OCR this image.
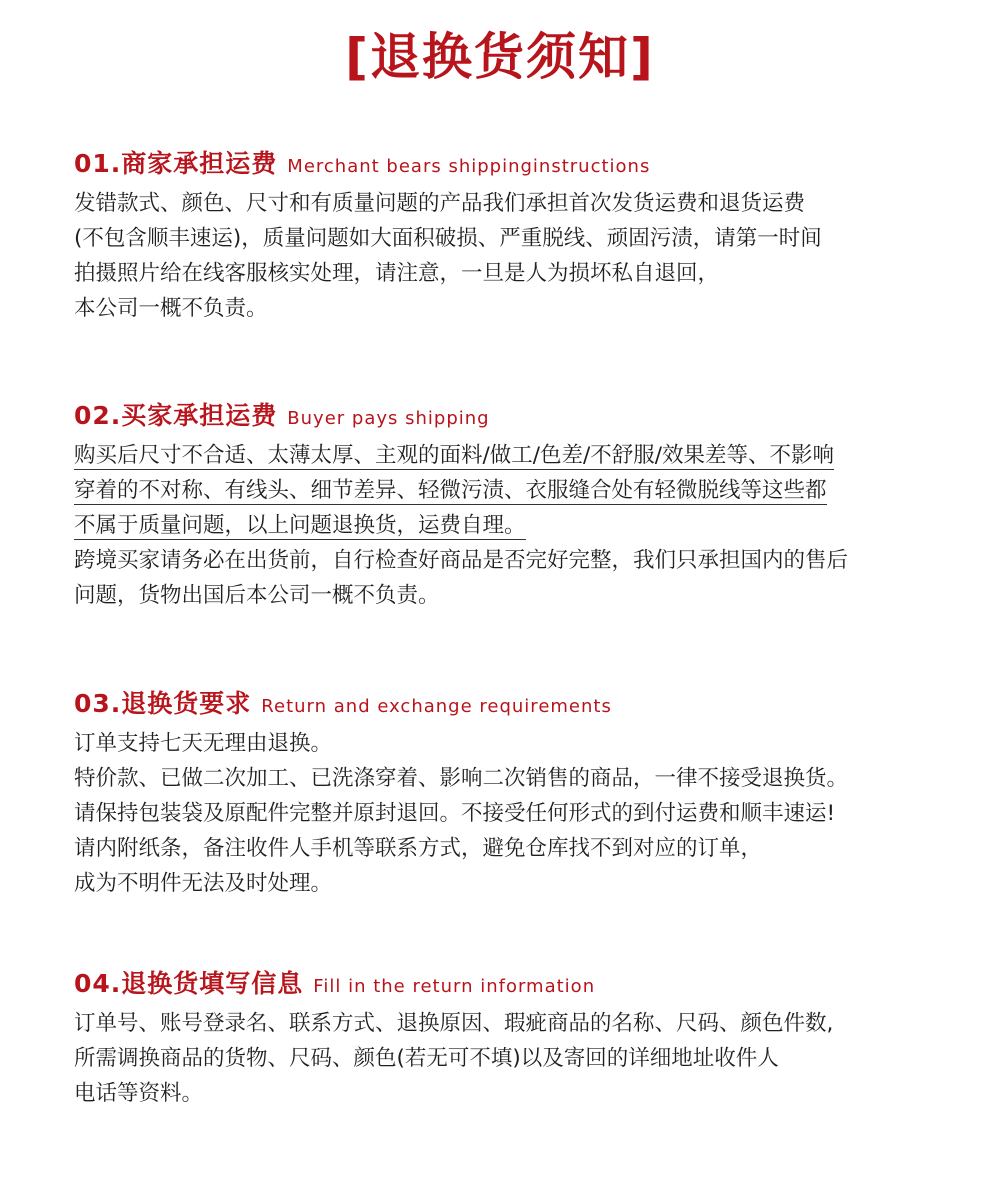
[退换货须知]
01.商家承担运费 Merchant bears shippinginstructions
发错款式、颜色、尺寸和有质量问题的产品我们承担首次发货运费和退货运费
(不包含顺丰速运)，质量问题如大面积破损、严重脱线、顽固污渍，请第一时间
拍摄照片给在线客服核实处理，请注意，一旦是人为损坏私自退回，
本公司一概不负责。
02.买家承担运费 Buyer pays shipping
购买后尺寸不合适、太薄太厚、主观的面料/做工/色差/不舒服/效果差等、不影响
穿着的不对称、有线头、细节差异、轻微污渍、衣服缝合处有轻微脱线等这些都
不属于质量问题，以上问题退换货，运费自理。
跨境买家请务必在出货前，自行检查好商品是否完好完整，我们只承担国内的售后
问题，货物出国后本公司一概不负责。
03.退换货要求 Return and exchange requirements
订单支持七天无理由退换。
特价款、已做二次加工、已洗涤穿着、影响二次销售的商品，一律不接受退换货。
请保持包装袋及原配件完整并原封退回。不接受任何形式的到付运费和顺丰速运!
请内附纸条，备注收件人手机等联系方式，避免仓库找不到对应的订单，
成为不明件无法及时处理。
04.退换货填写信息 Fill in the return information
订单号、账号登录名、联系方式、退换原因、瑕疵商品的名称、尺码、颜色件数,
所需调换商品的货物、尺码、颜色(若无可不填)以及寄回的详细地址收件人
电话等资料。
